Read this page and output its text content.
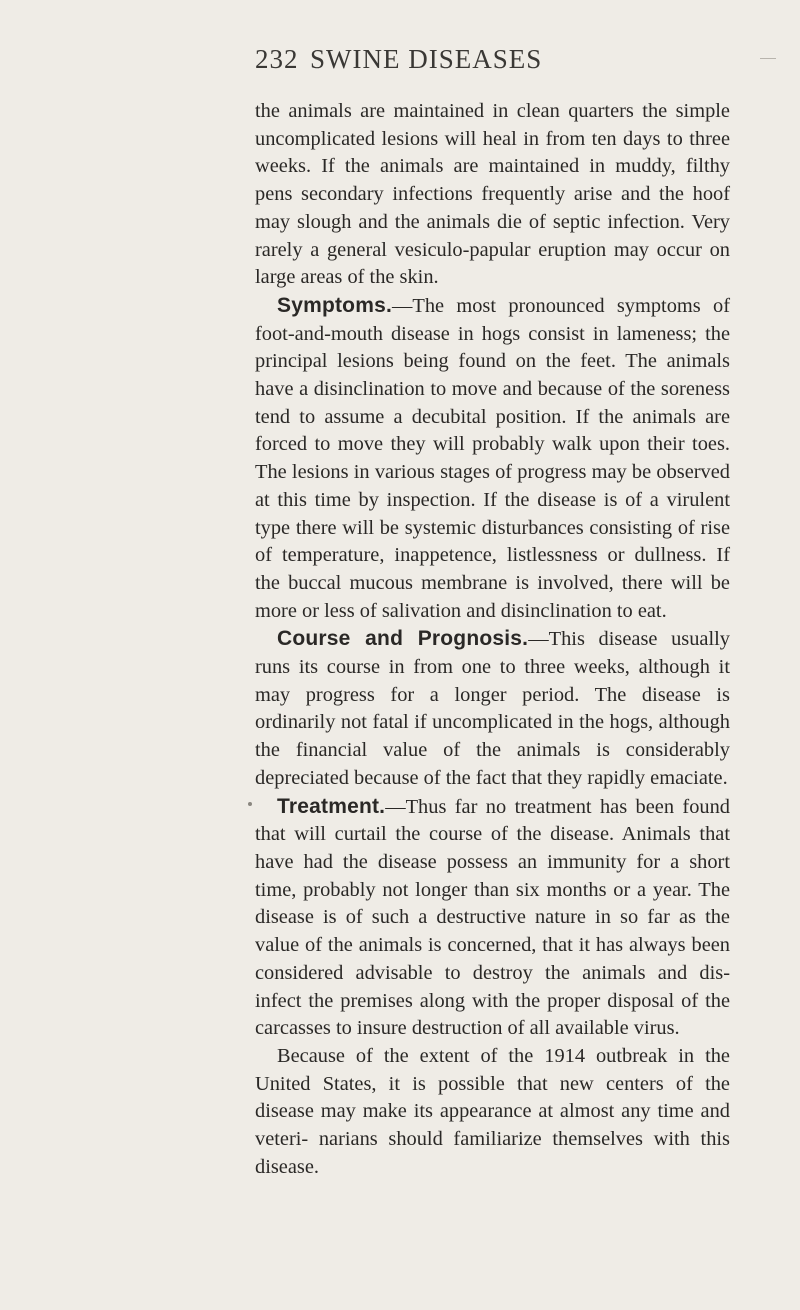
232 SWINE DISEASES

the animals are maintained in clean quarters the simple uncomplicated lesions will heal in from ten days to three weeks. If the animals are maintained in muddy, filthy pens secondary infections frequently arise and the hoof may slough and the animals die of septic infection. Very rarely a general vesiculo-papular eruption may occur on large areas of the skin.

Symptoms.—The most pronounced symptoms of foot-and-mouth disease in hogs consist in lameness; the principal lesions being found on the feet. The animals have a disinclination to move and because of the soreness tend to assume a decubital position. If the animals are forced to move they will probably walk upon their toes. The lesions in various stages of progress may be observed at this time by inspection. If the disease is of a virulent type there will be systemic disturbances consisting of rise of temperature, inappetence, listlessness or dullness. If the buccal mucous membrane is involved, there will be more or less of salivation and disinclination to eat.

Course and Prognosis.—This disease usually runs its course in from one to three weeks, although it may progress for a longer period. The disease is ordinarily not fatal if uncomplicated in the hogs, although the financial value of the animals is considerably depreciated because of the fact that they rapidly emaciate.

Treatment.—Thus far no treatment has been found that will curtail the course of the disease. Animals that have had the disease possess an immunity for a short time, probably not longer than six months or a year. The disease is of such a destructive nature in so far as the value of the animals is concerned, that it has always been considered advisable to destroy the animals and dis- infect the premises along with the proper disposal of the carcasses to insure destruction of all available virus.

Because of the extent of the 1914 outbreak in the United States, it is possible that new centers of the disease may make its appearance at almost any time and veteri- narians should familiarize themselves with this disease.
